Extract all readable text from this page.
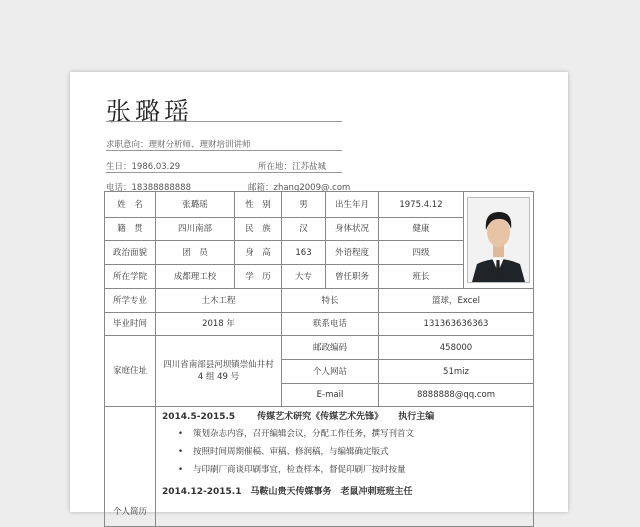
张璐瑶
求职意向：理财分析师、理财培训讲师
生日：1986.03.29	所在地：江苏盐城
电话：18388888888	邮箱：zhang2009@.com
姓　名	张璐瑶	性　别	男	出生年月	1975.4.12	

籍　贯	四川南部	民　族	汉	身体状况	健康	
政治面貌	团　员	身　高	163	外语程度	四级	
所在学院	成都理工校	学　历	大专	曾任职务	班长	
所学专业	土木工程		特长		篮球，Excel	
毕业时间	2018 年		联系电话		131363636363	
家庭住址	四川省南部县河坝镇崇仙井村 4 组 49 号		邮政编码		458000	
			个人网站		51miz	
			E-mail		8888888@qq.com	
个人简历	2014.5-2015.5 传媒艺术研究《传媒艺术先锋》 执行主编
• 策划杂志内容，召开编辑会议，分配工作任务，撰写刊首文
• 按照时间周期催稿、审稿、修润稿，与编辑确定版式
• 与印刷厂商谈印刷事宜，检查样本，督促印刷厂按时按量
2014.12-2015.1　马鞍山贵天传媒事务　老鼠冲刺班班主任
